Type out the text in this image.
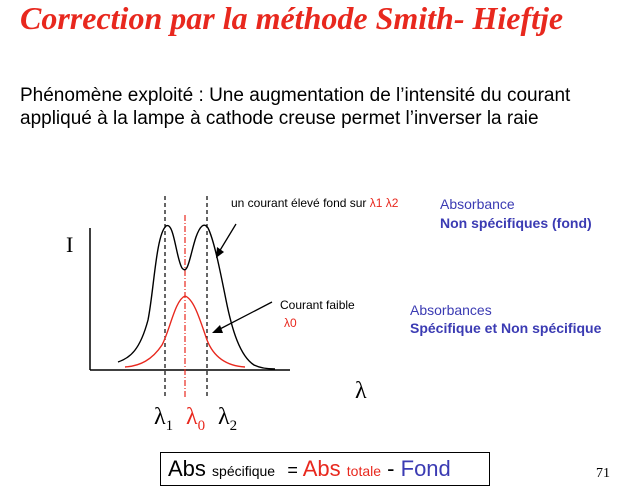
Correction par la méthode Smith- Hieftje
Phénomène exploité : Une augmentation de l’intensité du courant
appliqué à la lampe à cathode creuse permet l’inverser la raie
I
λ
un courant élevé fond sur λ1 λ2
Courant faible
λ0
$\lambda_1$ $\lambda_0$ $\lambda_2$
Absorbance
Non spécifiques (fond)
Absorbances
Spécifique et Non spécifique
Abs spécifique = Abs totale - Fond	71
